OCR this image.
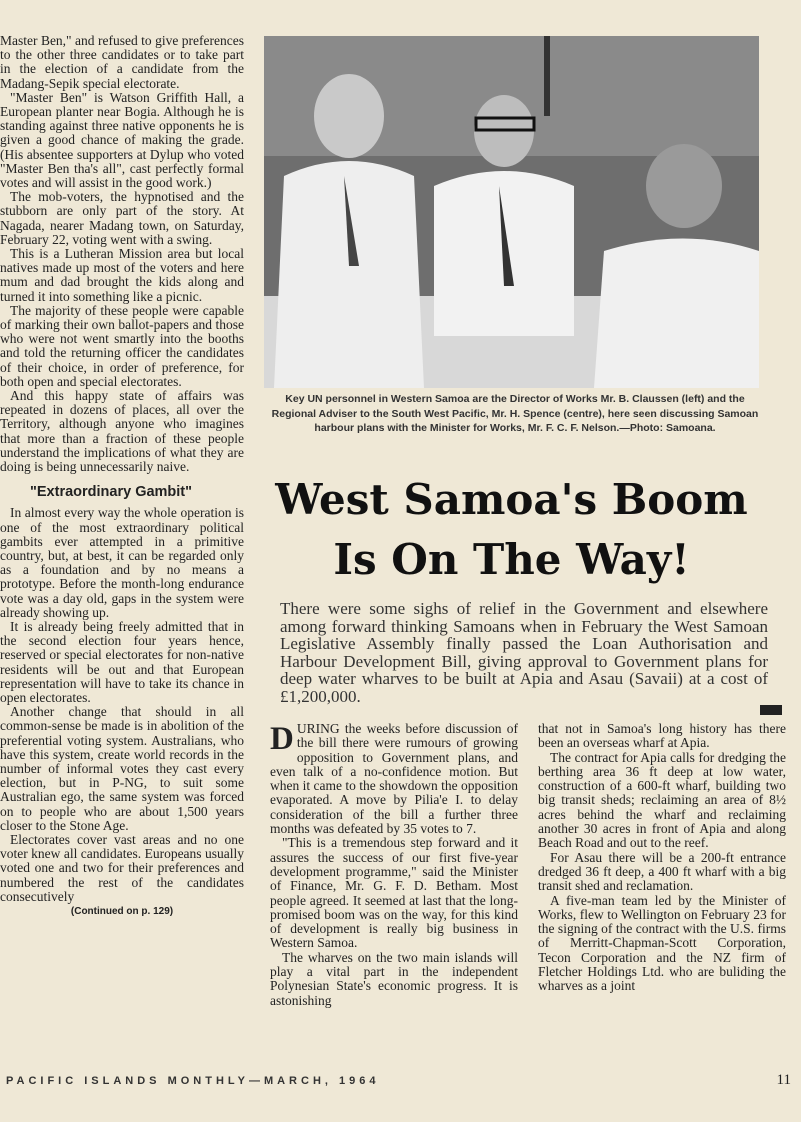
Master Ben," and refused to give preferences to the other three candidates or to take part in the election of a candidate from the Madang-Sepik special electorate.

"Master Ben" is Watson Griffith Hall, a European planter near Bogia. Although he is standing against three native opponents he is given a good chance of making the grade. (His absentee supporters at Dylup who voted "Master Ben tha's all", cast perfectly formal votes and will assist in the good work.)

The mob-voters, the hypnotised and the stubborn are only part of the story. At Nagada, nearer Madang town, on Saturday, February 22, voting went with a swing.

This is a Lutheran Mission area but local natives made up most of the voters and here mum and dad brought the kids along and turned it into something like a picnic.

The majority of these people were capable of marking their own ballot-papers and those who were not went smartly into the booths and told the returning officer the candidates of their choice, in order of preference, for both open and special electorates.

And this happy state of affairs was repeated in dozens of places, all over the Territory, although anyone who imagines that more than a fraction of these people understand the implications of what they are doing is being unnecessarily naive.

"Extraordinary Gambit"

In almost every way the whole operation is one of the most extraordinary political gambits ever attempted in a primitive country, but, at best, it can be regarded only as a foundation and by no means a prototype. Before the month-long endurance vote was a day old, gaps in the system were already showing up.

It is already being freely admitted that in the second election four years hence, reserved or special electorates for non-native residents will be out and that European representation will have to take its chance in open electorates.

Another change that should in all common-sense be made is in abolition of the preferential voting system. Australians, who have this system, create world records in the number of informal votes they cast every election, but in P-NG, to suit some Australian ego, the same system was forced on to people who are about 1,500 years closer to the Stone Age.

Electorates cover vast areas and no one voter knew all candidates. Europeans usually voted one and two for their preferences and numbered the rest of the candidates consecutively

(Continued on p. 129)
Key UN personnel in Western Samoa are the Director of Works Mr. B. Claussen (left) and the Regional Adviser to the South West Pacific, Mr. H. Spence (centre), here seen discussing Samoan harbour plans with the Minister for Works, Mr. F. C. F. Nelson.—Photo: Samoana.
West Samoa's Boom
Is On The Way!
There were some sighs of relief in the Government and elsewhere among forward thinking Samoans when in February the West Samoan Legislative Assembly finally passed the Loan Authorisation and Harbour Development Bill, giving approval to Government plans for deep water wharves to be built at Apia and Asau (Savaii) at a cost of £1,200,000.

DURING the weeks before discussion of the bill there were rumours of growing opposition to Government plans, and even talk of a no-confidence motion. But when it came to the showdown the opposition evaporated. A move by Pilia'e I. to delay consideration of the bill a further three months was defeated by 35 votes to 7.

"This is a tremendous step forward and it assures the success of our first five-year development programme," said the Minister of Finance, Mr. G. F. D. Betham. Most people agreed. It seemed at last that the long-promised boom was on the way, for this kind of development is really big business in Western Samoa.

The wharves on the two main islands will play a vital part in the independent Polynesian State's economic progress. It is astonishing

that not in Samoa's long history has there been an overseas wharf at Apia.

The contract for Apia calls for dredging the berthing area 36 ft deep at low water, construction of a 600-ft wharf, building two big transit sheds; reclaiming an area of 8½ acres behind the wharf and reclaiming another 30 acres in front of Apia and along Beach Road and out to the reef.

For Asau there will be a 200-ft entrance dredged 36 ft deep, a 400 ft wharf with a big transit shed and reclamation.

A five-man team led by the Minister of Works, flew to Wellington on February 23 for the signing of the contract with the U.S. firms of Merritt-Chapman-Scott Corporation, Tecon Corporation and the NZ firm of Fletcher Holdings Ltd. who are buliding the wharves as a joint

PACIFIC ISLANDS MONTHLY—MARCH, 1964	11
